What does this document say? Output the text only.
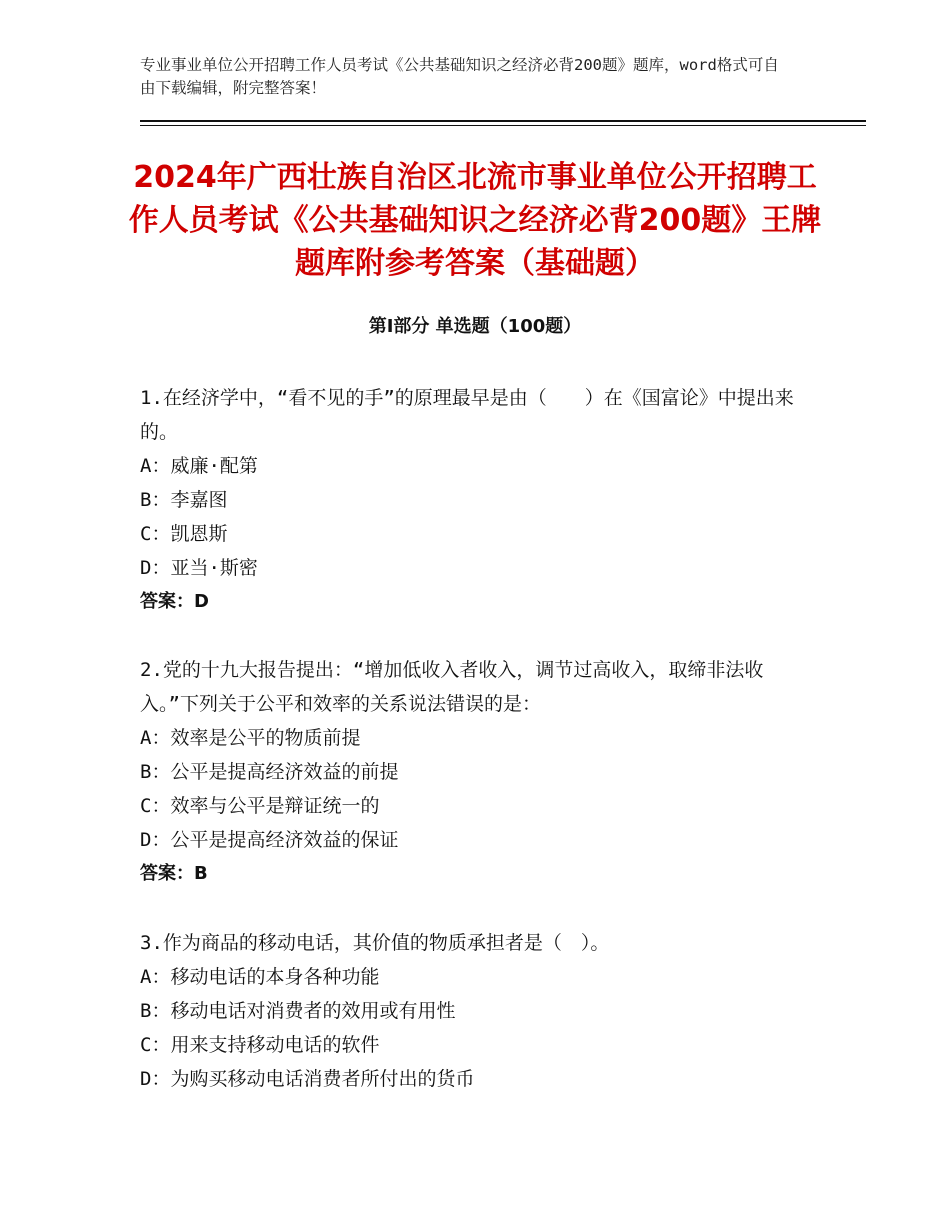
专业事业单位公开招聘工作人员考试《公共基础知识之经济必背200题》题库，word格式可自由下载编辑，附完整答案！
2024年广西壮族自治区北流市事业单位公开招聘工作人员考试《公共基础知识之经济必背200题》王牌题库附参考答案（基础题）
第Ⅰ部分 单选题（100题）

1.在经济学中，“看不见的手”的原理最早是由（　　）在《国富论》中提出来的。

A：威廉·配第

B：李嘉图

C：凯恩斯

D：亚当·斯密

答案：D

2.党的十九大报告提出：“增加低收入者收入，调节过高收入，取缔非法收入。”下列关于公平和效率的关系说法错误的是：

A：效率是公平的物质前提

B：公平是提高经济效益的前提

C：效率与公平是辩证统一的

D：公平是提高经济效益的保证

答案：B

3.作为商品的移动电话，其价值的物质承担者是（　）。

A：移动电话的本身各种功能

B：移动电话对消费者的效用或有用性

C：用来支持移动电话的软件

D：为购买移动电话消费者所付出的货币
